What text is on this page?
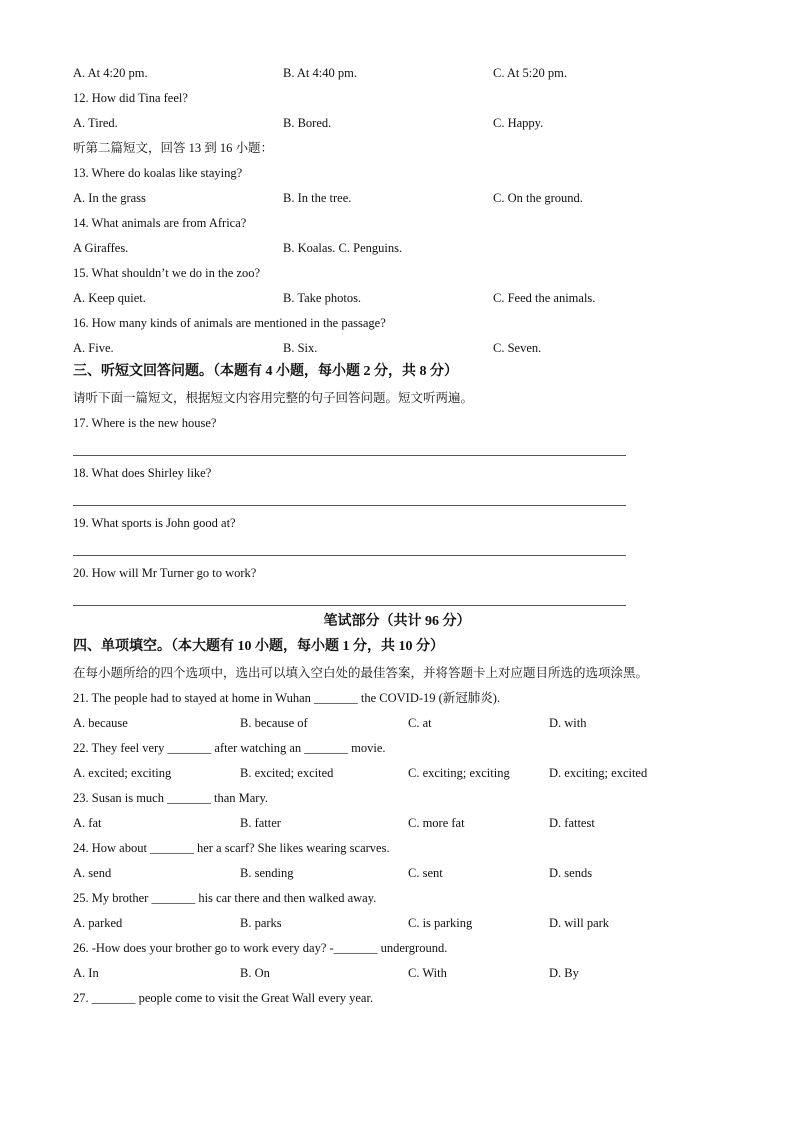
A. At 4:20 pm.	B. At 4:40 pm.	C. At 5:20 pm.
12. How did Tina feel?
A. Tired.	B. Bored.	C. Happy.
听第二篇短文，回答 13 到 16 小题：
13. Where do koalas like staying?
A. In the grass	B. In the tree.	C. On the ground.
14. What animals are from Africa?
A Giraffes.	B. Koalas. C. Penguins.
15. What shouldn’t we do in the zoo?
A. Keep quiet.	B. Take photos.	C. Feed the animals.
16. How many kinds of animals are mentioned in the passage?
A. Five.	B. Six.	C. Seven.
三、听短文回答问题。（本题有 4 小题，每小题 2 分，共 8 分）
请听下面一篇短文，根据短文内容用完整的句子回答问题。短文听两遍。
17. Where is the new house?
18. What does Shirley like?
19. What sports is John good at?
20. How will Mr Turner go to work?
笔试部分（共计 96 分）
四、单项填空。（本大题有 10 小题，每小题 1 分，共 10 分）
在每小题所给的四个选项中，选出可以填入空白处的最佳答案，并将答题卡上对应题目所选的选项涂黑。
21. The people had to stayed at home in Wuhan _______ the COVID-19 (新冠肺炎).
A. because	B. because of	C. at	D. with
22. They feel very _______ after watching an _______ movie.
A. excited; exciting	B. excited; excited	C. exciting; exciting	D. exciting; excited
23. Susan is much _______ than Mary.
A. fat	B. fatter	C. more fat	D. fattest
24. How about _______ her a scarf? She likes wearing scarves.
A. send	B. sending	C. sent	D. sends
25. My brother _______ his car there and then walked away.
A. parked	B. parks	C. is parking	D. will park
26. -How does your brother go to work every day? -_______ underground.
A. In	B. On	C. With	D. By
27. _______ people come to visit the Great Wall every year.
